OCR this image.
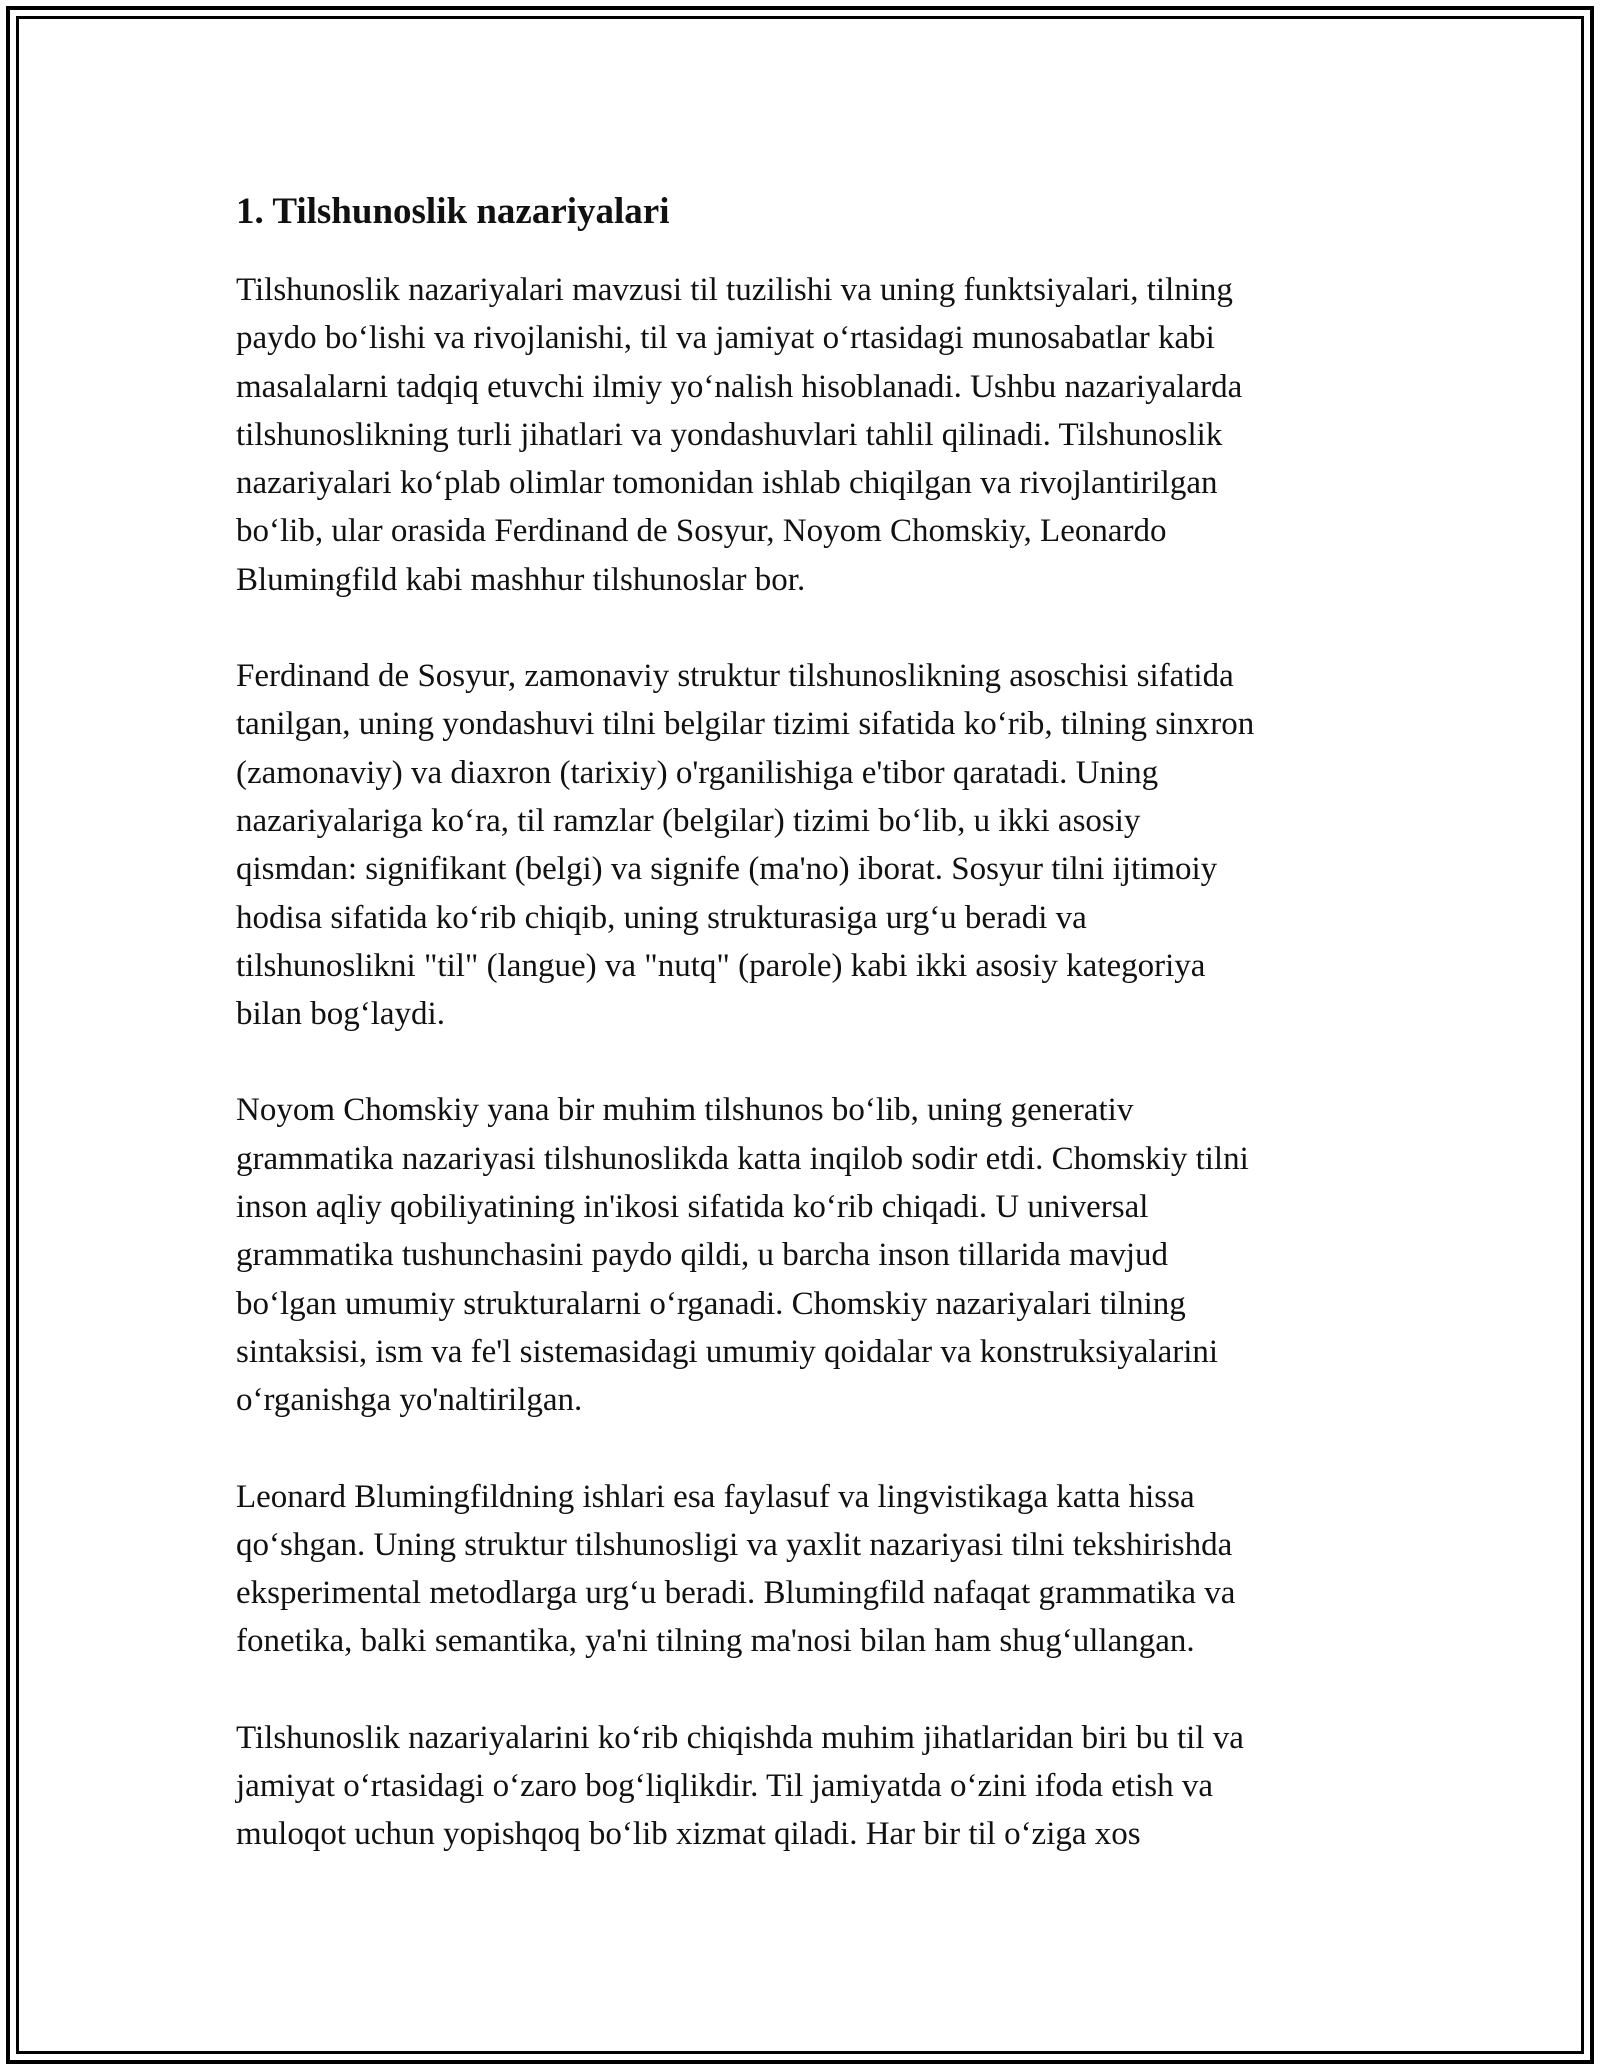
1. Tilshunoslik nazariyalari

Tilshunoslik nazariyalari mavzusi til tuzilishi va uning funktsiyalari, tilning
paydo bo‘lishi va rivojlanishi, til va jamiyat o‘rtasidagi munosabatlar kabi
masalalarni tadqiq etuvchi ilmiy yo‘nalish hisoblanadi. Ushbu nazariyalarda
tilshunoslikning turli jihatlari va yondashuvlari tahlil qilinadi. Tilshunoslik
nazariyalari ko‘plab olimlar tomonidan ishlab chiqilgan va rivojlantirilgan
bo‘lib, ular orasida Ferdinand de Sosyur, Noyom Chomskiy, Leonardo
Blumingfild kabi mashhur tilshunoslar bor.

Ferdinand de Sosyur, zamonaviy struktur tilshunoslikning asoschisi sifatida
tanilgan, uning yondashuvi tilni belgilar tizimi sifatida ko‘rib, tilning sinxron
(zamonaviy) va diaxron (tarixiy) o'rganilishiga e'tibor qaratadi. Uning
nazariyalariga ko‘ra, til ramzlar (belgilar) tizimi bo‘lib, u ikki asosiy
qismdan: signifikant (belgi) va signife (ma'no) iborat. Sosyur tilni ijtimoiy
hodisa sifatida ko‘rib chiqib, uning strukturasiga urg‘u beradi va
tilshunoslikni "til" (langue) va "nutq" (parole) kabi ikki asosiy kategoriya
bilan bog‘laydi.

Noyom Chomskiy yana bir muhim tilshunos bo‘lib, uning generativ
grammatika nazariyasi tilshunoslikda katta inqilob sodir etdi. Chomskiy tilni
inson aqliy qobiliyatining in'ikosi sifatida ko‘rib chiqadi. U universal
grammatika tushunchasini paydo qildi, u barcha inson tillarida mavjud
bo‘lgan umumiy strukturalarni o‘rganadi. Chomskiy nazariyalari tilning
sintaksisi, ism va fe'l sistemasidagi umumiy qoidalar va konstruksiyalarini
o‘rganishga yo'naltirilgan.

Leonard Blumingfildning ishlari esa faylasuf va lingvistikaga katta hissa
qo‘shgan. Uning struktur tilshunosligi va yaxlit nazariyasi tilni tekshirishda
eksperimental metodlarga urg‘u beradi. Blumingfild nafaqat grammatika va
fonetika, balki semantika, ya'ni tilning ma'nosi bilan ham shug‘ullangan.

Tilshunoslik nazariyalarini ko‘rib chiqishda muhim jihatlaridan biri bu til va
jamiyat o‘rtasidagi o‘zaro bog‘liqlikdir. Til jamiyatda o‘zini ifoda etish va
muloqot uchun yopishqoq bo‘lib xizmat qiladi. Har bir til o‘ziga xos
